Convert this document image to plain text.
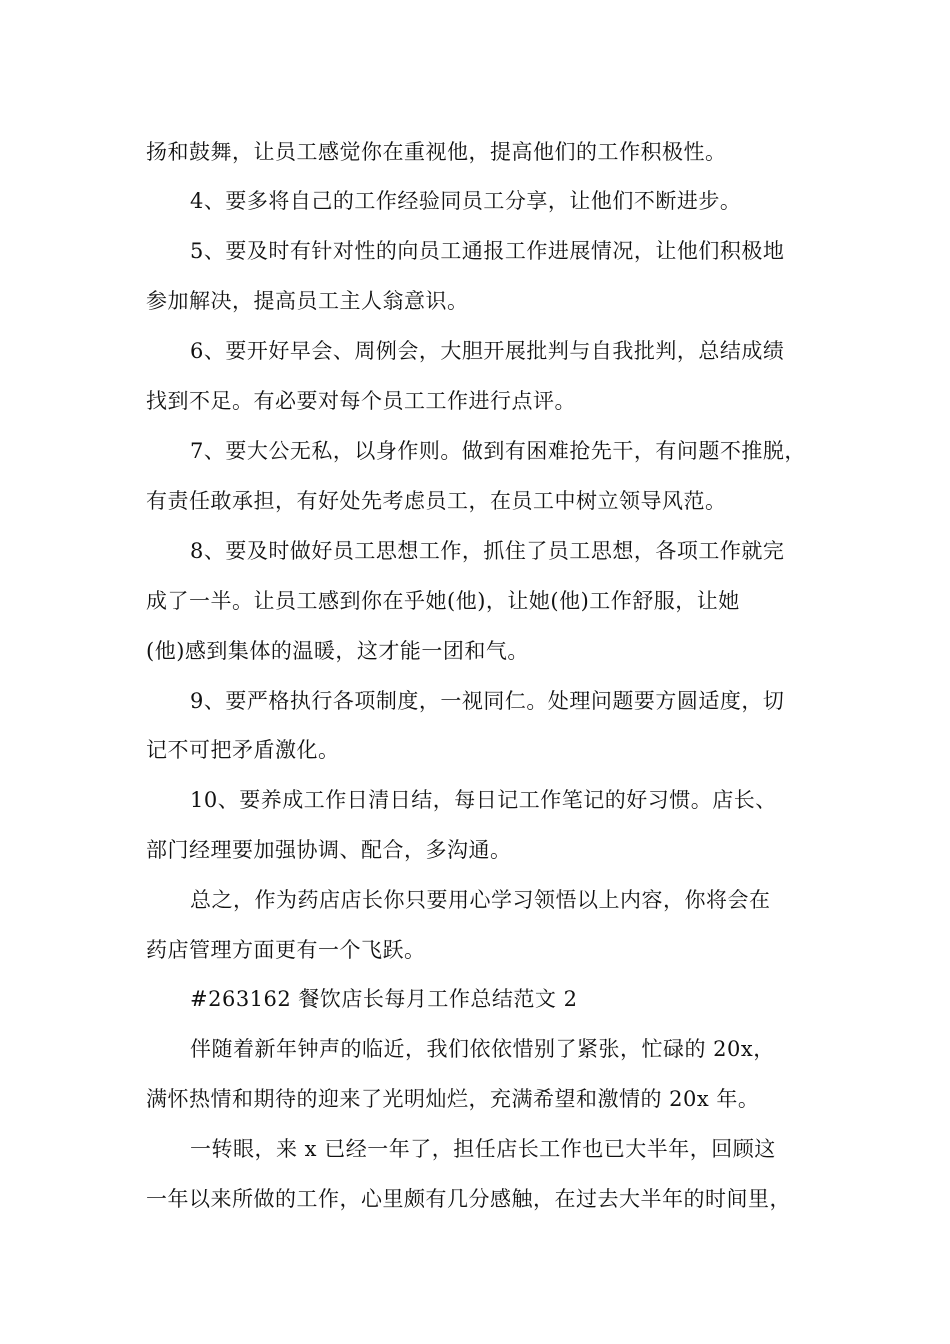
扬和鼓舞，让员工感觉你在重视他，提高他们的工作积极性。
4、要多将自己的工作经验同员工分享，让他们不断进步。
5、要及时有针对性的向员工通报工作进展情况，让他们积极地
参加解决，提高员工主人翁意识。
6、要开好早会、周例会，大胆开展批判与自我批判，总结成绩
找到不足。有必要对每个员工工作进行点评。
7、要大公无私，以身作则。做到有困难抢先干，有问题不推脱，
有责任敢承担，有好处先考虑员工，在员工中树立领导风范。
8、要及时做好员工思想工作，抓住了员工思想，各项工作就完
成了一半。让员工感到你在乎她(他)，让她(他)工作舒服，让她
(他)感到集体的温暖，这才能一团和气。
9、要严格执行各项制度，一视同仁。处理问题要方圆适度，切
记不可把矛盾激化。
10、要养成工作日清日结，每日记工作笔记的好习惯。店长、
部门经理要加强协调、配合，多沟通。
总之，作为药店店长你只要用心学习领悟以上内容，你将会在
药店管理方面更有一个飞跃。
#263162 餐饮店长每月工作总结范文 2
伴随着新年钟声的临近，我们依依惜别了紧张，忙碌的 20x，
满怀热情和期待的迎来了光明灿烂，充满希望和激情的 20x 年。
一转眼，来 x 已经一年了，担任店长工作也已大半年，回顾这
一年以来所做的工作，心里颇有几分感触，在过去大半年的时间里，
